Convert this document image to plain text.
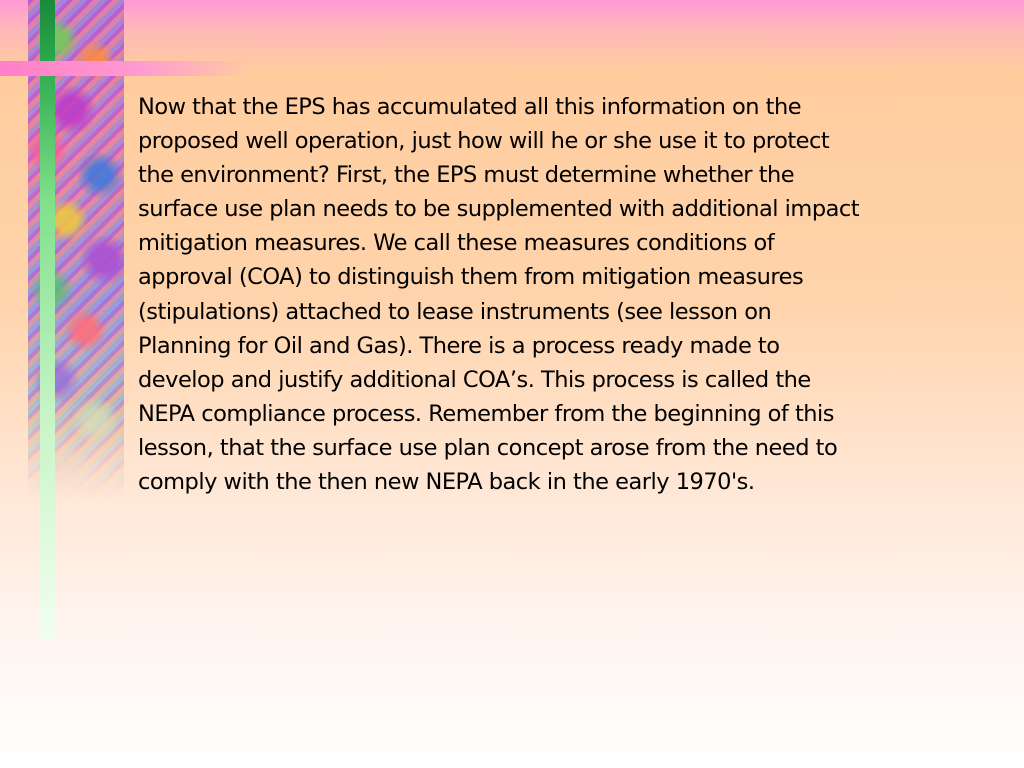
Now that the EPS has accumulated all this information on the
proposed well operation, just how will he or she use it to protect
the environment? First, the EPS must determine whether the
surface use plan needs to be supplemented with additional impact
mitigation measures. We call these measures conditions of
approval (COA) to distinguish them from mitigation measures
(stipulations) attached to lease instruments (see lesson on
Planning for Oil and Gas). There is a process ready made to
develop and justify additional COA’s. This process is called the
NEPA compliance process. Remember from the beginning of this
lesson, that the surface use plan concept arose from the need to
comply with the then new NEPA back in the early 1970's.
